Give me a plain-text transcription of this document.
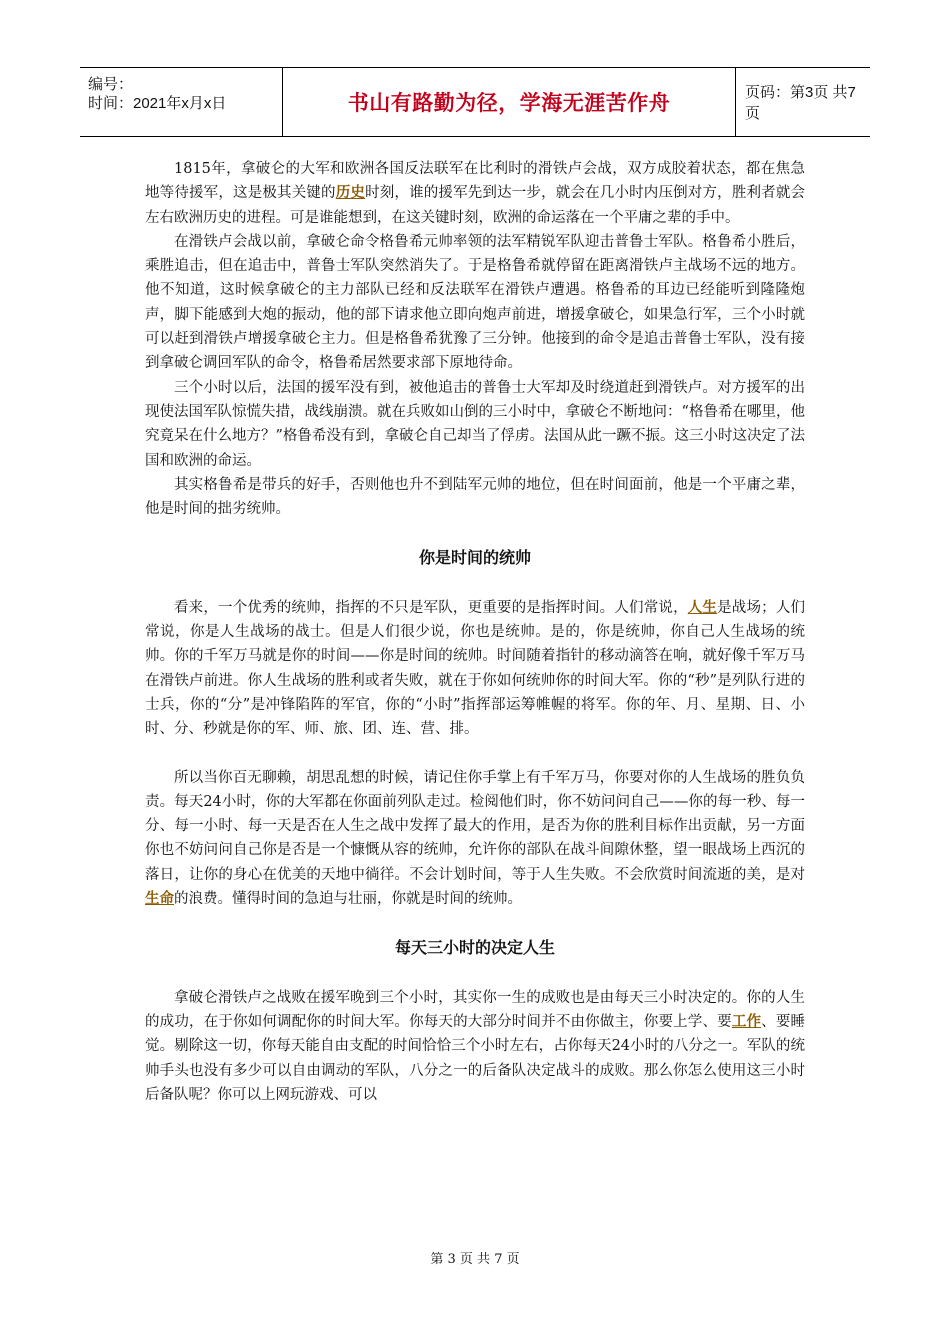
编号：
时间：2021年x月x日	书山有路勤为径，学海无涯苦作舟	页码：第3页 共7页

1815年，拿破仑的大军和欧洲各国反法联军在比利时的滑铁卢会战，双方成胶着状态，都在焦急地等待援军，这是极其关键的历史时刻，谁的援军先到达一步，就会在几小时内压倒对方，胜利者就会左右欧洲历史的进程。可是谁能想到，在这关键时刻，欧洲的命运落在一个平庸之辈的手中。

在滑铁卢会战以前，拿破仑命令格鲁希元帅率领的法军精锐军队迎击普鲁士军队。格鲁希小胜后，乘胜追击，但在追击中，普鲁士军队突然消失了。于是格鲁希就停留在距离滑铁卢主战场不远的地方。他不知道，这时候拿破仑的主力部队已经和反法联军在滑铁卢遭遇。格鲁希的耳边已经能听到隆隆炮声，脚下能感到大炮的振动，他的部下请求他立即向炮声前进，增援拿破仑，如果急行军，三个小时就可以赶到滑铁卢增援拿破仑主力。但是格鲁希犹豫了三分钟。他接到的命令是追击普鲁士军队，没有接到拿破仑调回军队的命令，格鲁希居然要求部下原地待命。

三个小时以后，法国的援军没有到，被他追击的普鲁士大军却及时绕道赶到滑铁卢。对方援军的出现使法国军队惊慌失措，战线崩溃。就在兵败如山倒的三小时中，拿破仑不断地问：“格鲁希在哪里，他究竟呆在什么地方？”格鲁希没有到，拿破仑自己却当了俘虏。法国从此一蹶不振。这三小时这决定了法国和欧洲的命运。

其实格鲁希是带兵的好手，否则他也升不到陆军元帅的地位，但在时间面前，他是一个平庸之辈，他是时间的拙劣统帅。

你是时间的统帅

看来，一个优秀的统帅，指挥的不只是军队，更重要的是指挥时间。人们常说，人生是战场；人们常说，你是人生战场的战士。但是人们很少说，你也是统帅。是的，你是统帅，你自己人生战场的统帅。你的千军万马就是你的时间——你是时间的统帅。时间随着指针的移动滴答在响，就好像千军万马在滑铁卢前进。你人生战场的胜利或者失败，就在于你如何统帅你的时间大军。你的“秒”是列队行进的士兵，你的“分”是冲锋陷阵的军官，你的“小时”指挥部运筹帷幄的将军。你的年、月、星期、日、小时、分、秒就是你的军、师、旅、团、连、营、排。

所以当你百无聊赖，胡思乱想的时候，请记住你手掌上有千军万马，你要对你的人生战场的胜负负责。每天24小时，你的大军都在你面前列队走过。检阅他们时，你不妨问问自己——你的每一秒、每一分、每一小时、每一天是否在人生之战中发挥了最大的作用，是否为你的胜利目标作出贡献，另一方面你也不妨问问自己你是否是一个慷慨从容的统帅，允许你的部队在战斗间隙休整，望一眼战场上西沉的落日，让你的身心在优美的天地中徜徉。不会计划时间，等于人生失败。不会欣赏时间流逝的美，是对生命的浪费。懂得时间的急迫与壮丽，你就是时间的统帅。

每天三小时的决定人生

拿破仑滑铁卢之战败在援军晚到三个小时，其实你一生的成败也是由每天三小时决定的。你的人生的成功，在于你如何调配你的时间大军。你每天的大部分时间并不由你做主，你要上学、要工作、要睡觉。剔除这一切，你每天能自由支配的时间恰恰三个小时左右，占你每天24小时的八分之一。军队的统帅手头也没有多少可以自由调动的军队，八分之一的后备队决定战斗的成败。那么你怎么使用这三小时后备队呢？你可以上网玩游戏、可以

第 3 页 共 7 页
